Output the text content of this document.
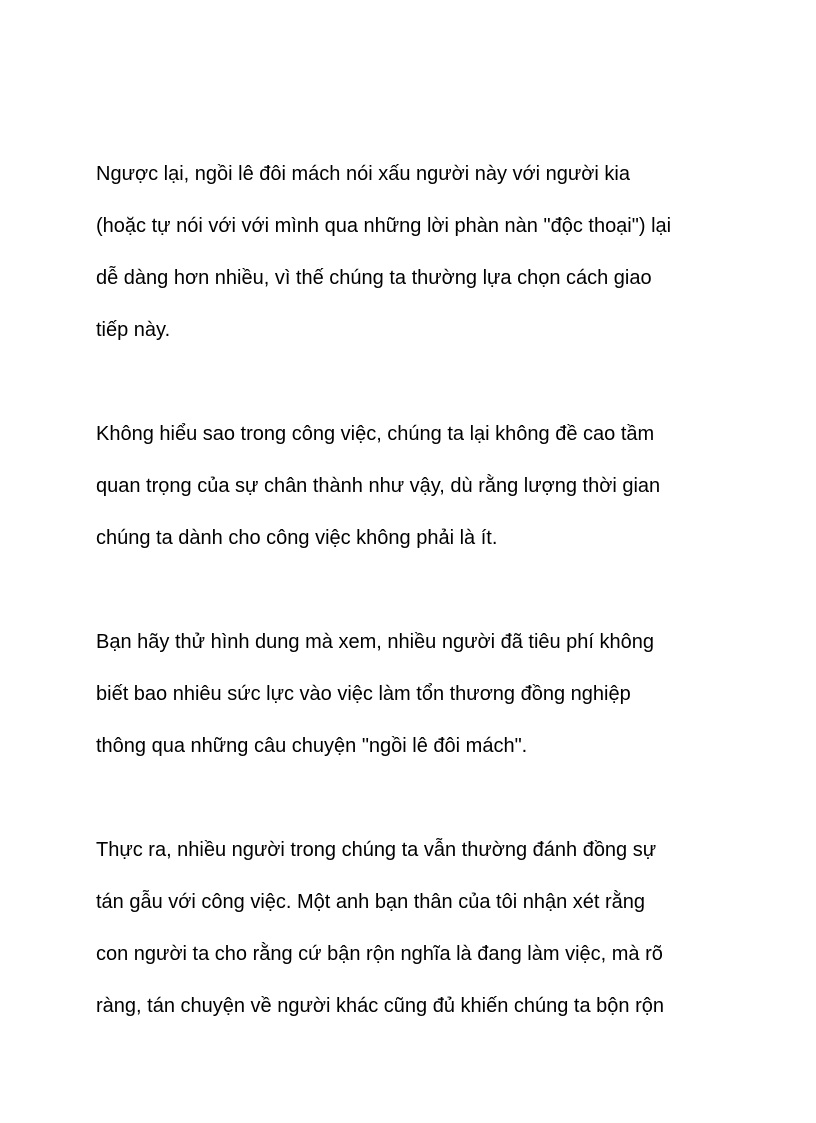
Ngược lại, ngồi lê đôi mách nói xấu người này với người kia
(hoặc tự nói với với mình qua những lời phàn nàn "độc thoại") lại
dễ dàng hơn nhiều, vì thế chúng ta thường lựa chọn cách giao
tiếp này.

Không hiểu sao trong công việc, chúng ta lại không đề cao tầm
quan trọng của sự chân thành như vậy, dù rằng lượng thời gian
chúng ta dành cho công việc không phải là ít.

Bạn hãy thử hình dung mà xem, nhiều người đã tiêu phí không
biết bao nhiêu sức lực vào việc làm tổn thương đồng nghiệp
thông qua những câu chuyện "ngồi lê đôi mách".

Thực ra, nhiều người trong chúng ta vẫn thường đánh đồng sự
tán gẫu với công việc. Một anh bạn thân của tôi nhận xét rằng
con người ta cho rằng cứ bận rộn nghĩa là đang làm việc, mà rõ
ràng, tán chuyện về người khác cũng đủ khiến chúng ta bộn rộn
